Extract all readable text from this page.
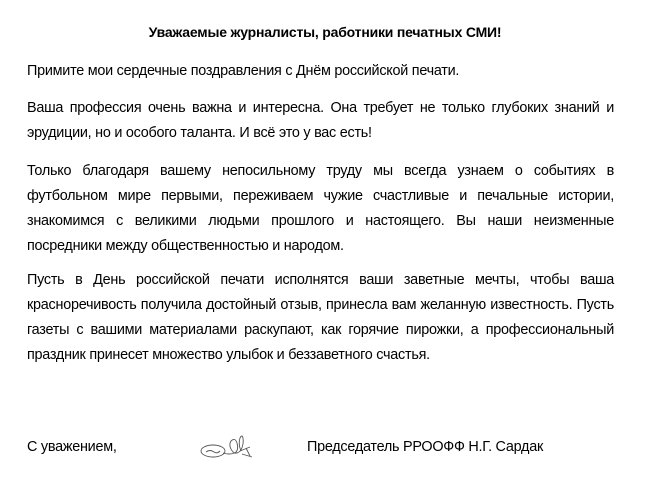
Уважаемые журналисты, работники печатных СМИ!

Примите мои сердечные поздравления с Днём российской печати.

Ваша профессия очень важна и интересна. Она требует не только глубоких знаний и эрудиции, но и особого таланта. И всё это у вас есть!

Только благодаря вашему непосильному труду мы всегда узнаем о событиях в футбольном мире первыми, переживаем чужие счастливые и печальные истории, знакомимся с великими людьми прошлого и настоящего. Вы наши неизменные посредники между общественностью и народом.

Пусть в День российской печати исполнятся ваши заветные мечты, чтобы ваша красноречивость получила достойный отзыв, принесла вам желанную известность. Пусть газеты с вашими материалами раскупают, как горячие пирожки, а профессиональный праздник принесет множество улыбок и беззаветного счастья.

С уважением,	Председатель РРООФФ Н.Г. Сардак
